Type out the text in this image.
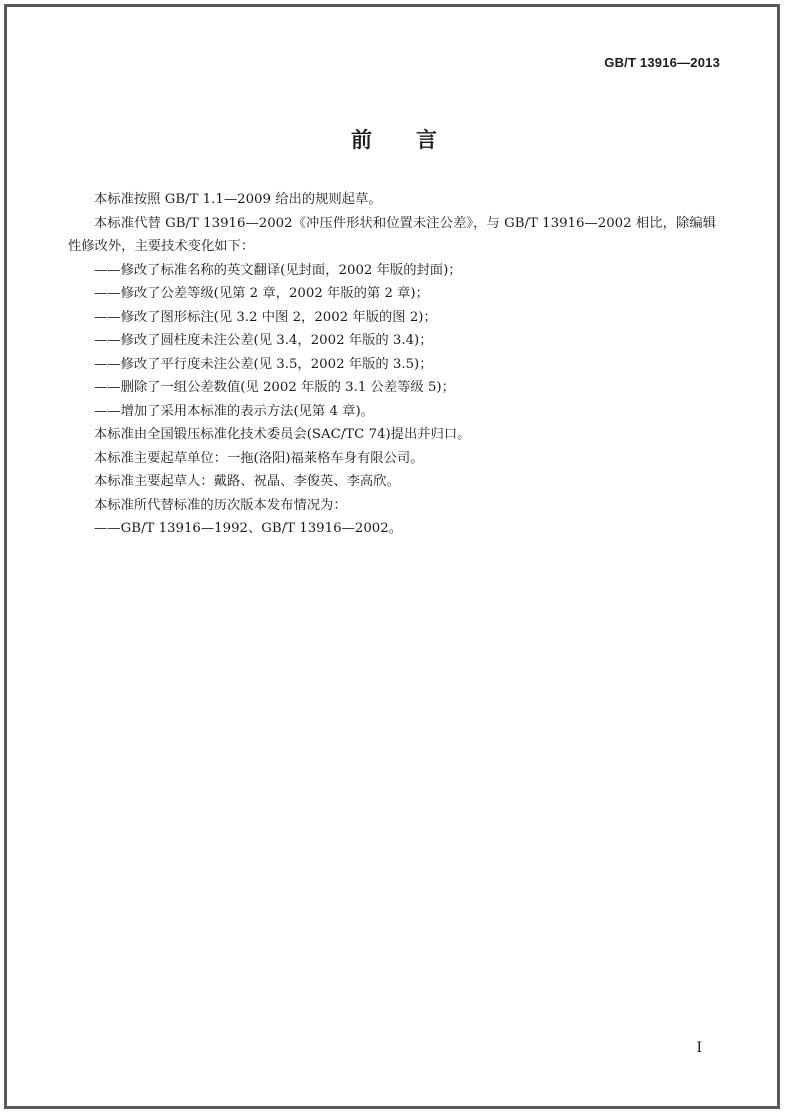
GB/T 13916—2013
前 言

本标准按照 GB/T 1.1—2009 给出的规则起草。

本标准代替 GB/T 13916—2002《冲压件形状和位置未注公差》，与 GB/T 13916—2002 相比，除编辑性修改外，主要技术变化如下：

——修改了标准名称的英文翻译(见封面，2002 年版的封面)；

——修改了公差等级(见第 2 章，2002 年版的第 2 章)；

——修改了图形标注(见 3.2 中图 2，2002 年版的图 2)；

——修改了圆柱度未注公差(见 3.4，2002 年版的 3.4)；

——修改了平行度未注公差(见 3.5，2002 年版的 3.5)；

——删除了一组公差数值(见 2002 年版的 3.1 公差等级 5)；

——增加了采用本标准的表示方法(见第 4 章)。

本标准由全国锻压标准化技术委员会(SAC/TC 74)提出并归口。

本标准主要起草单位：一拖(洛阳)福莱格车身有限公司。

本标准主要起草人：戴路、祝晶、李俊英、李高欣。

本标准所代替标准的历次版本发布情况为：

——GB/T 13916—1992、GB/T 13916—2002。

I
